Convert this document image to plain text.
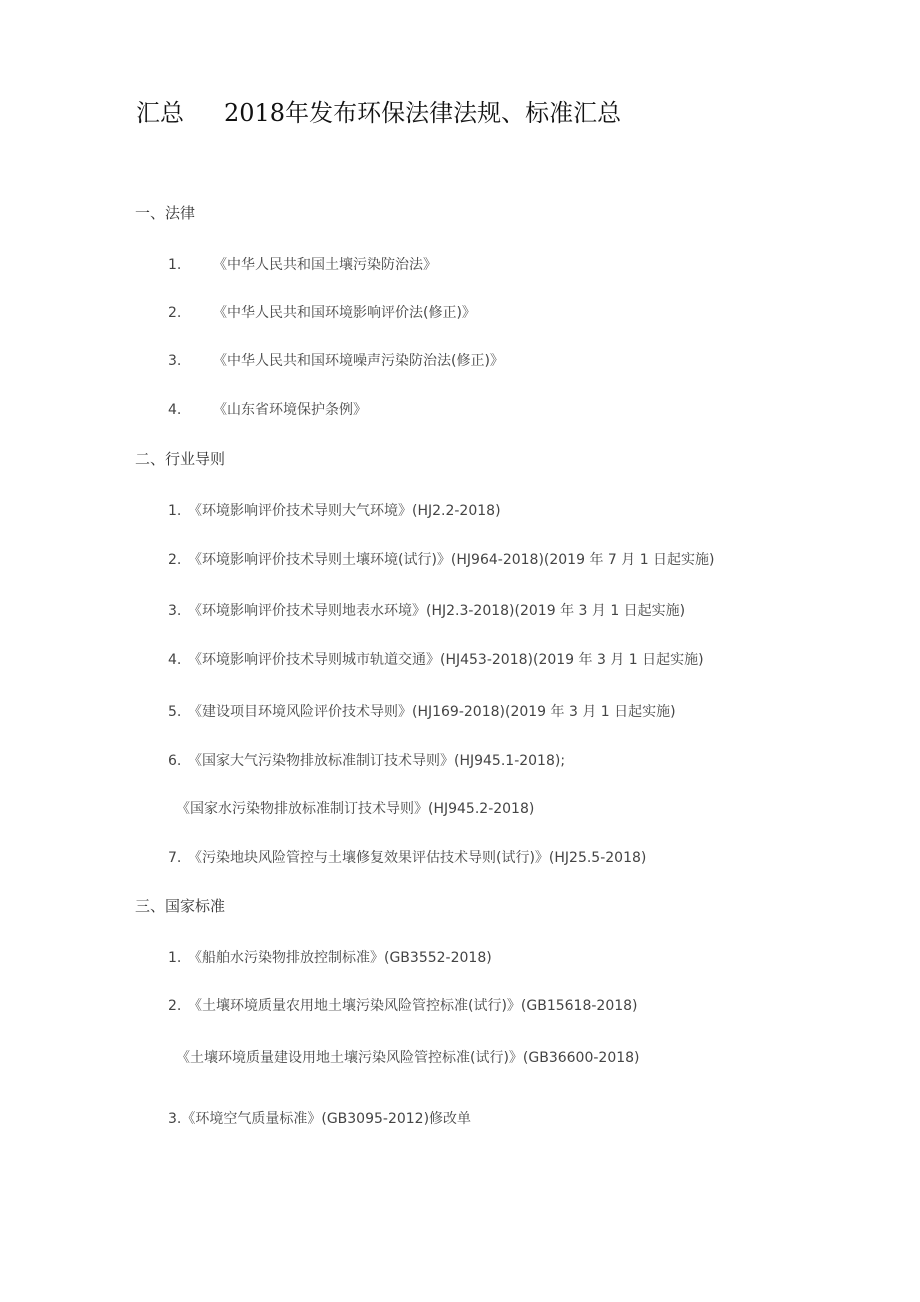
汇总 2018年发布环保法律法规、标准汇总
一、法律
1. 《中华人民共和国土壤污染防治法》
2. 《中华人民共和国环境影响评价法(修正)》
3. 《中华人民共和国环境噪声污染防治法(修正)》
4. 《山东省环境保护条例》
二、行业导则
1. 《环境影响评价技术导则大气环境》(HJ2.2-2018)
2. 《环境影响评价技术导则土壤环境(试行)》(HJ964-2018)(2019 年 7 月 1 日起实施)
3. 《环境影响评价技术导则地表水环境》(HJ2.3-2018)(2019 年 3 月 1 日起实施)
4. 《环境影响评价技术导则城市轨道交通》(HJ453-2018)(2019 年 3 月 1 日起实施)
5. 《建设项目环境风险评价技术导则》(HJ169-2018)(2019 年 3 月 1 日起实施)
6. 《国家大气污染物排放标准制订技术导则》(HJ945.1-2018);
《国家水污染物排放标准制订技术导则》(HJ945.2-2018)
7. 《污染地块风险管控与土壤修复效果评估技术导则(试行)》(HJ25.5-2018)
三、国家标准
1. 《船舶水污染物排放控制标准》(GB3552-2018)
2. 《土壤环境质量农用地土壤污染风险管控标准(试行)》(GB15618-2018)
《土壤环境质量建设用地土壤污染风险管控标准(试行)》(GB36600-2018)
3.《环境空气质量标准》(GB3095-2012)修改单
